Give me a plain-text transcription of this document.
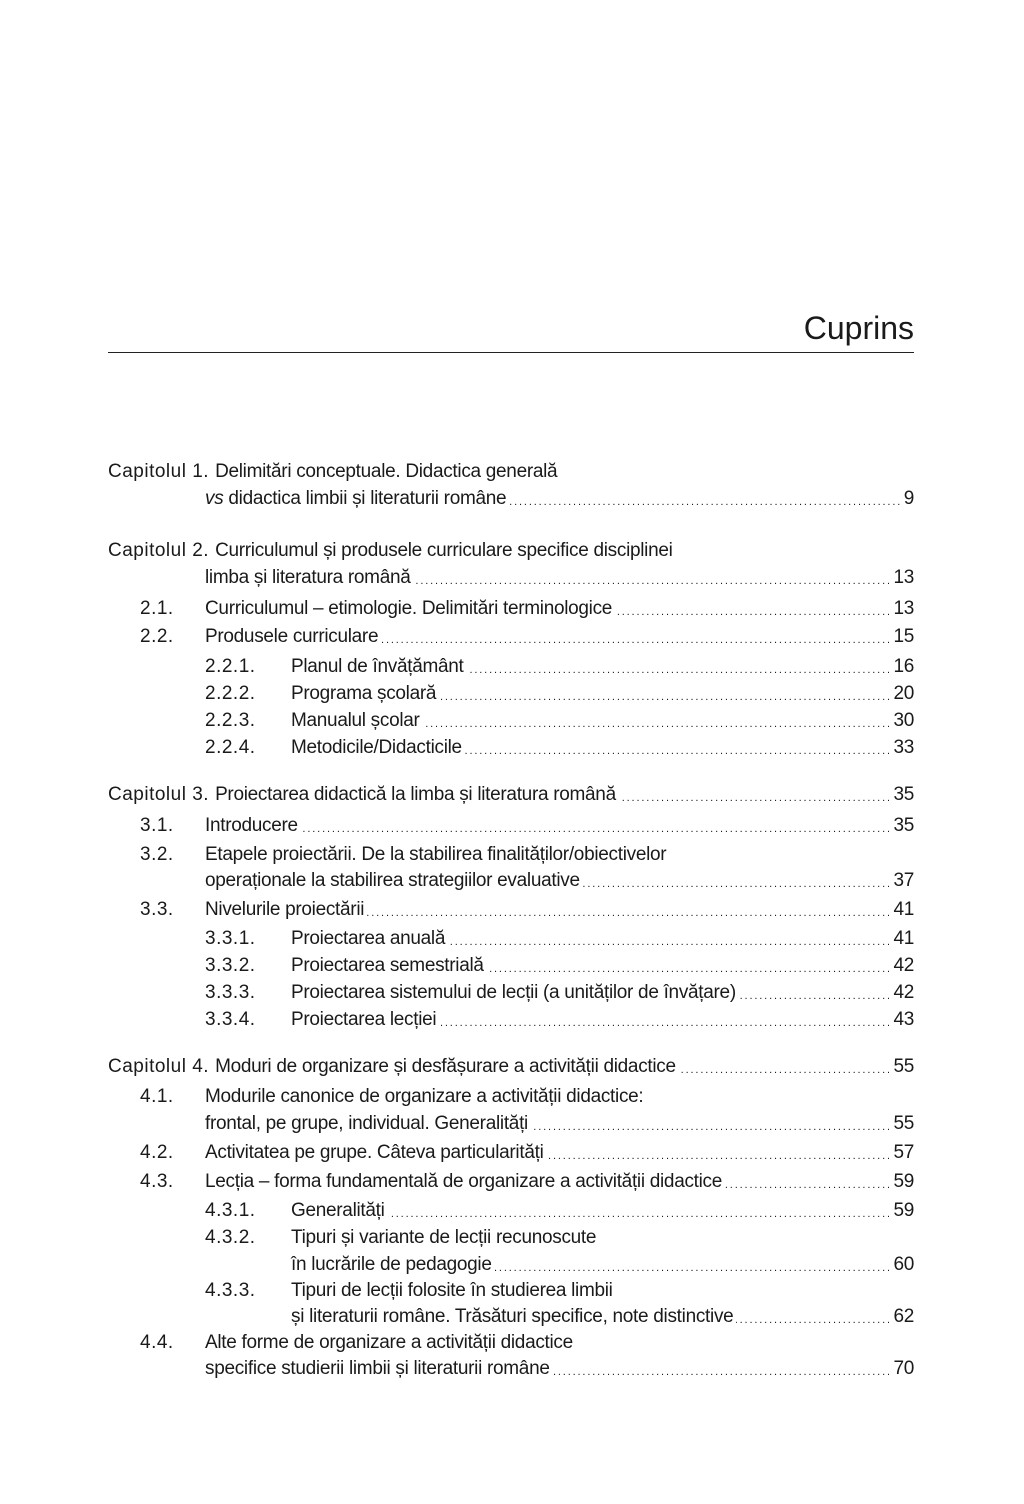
Cuprins
Capitolul 1. Delimitări conceptuale. Didactica generală
vs didactica limbii și literaturii române . . .	9
Capitolul 2. Curriculumul și produsele curriculare specifice disciplinei
limba și literatura română . . .	13
2.1. Curriculumul – etimologie. Delimitări terminologice . . .	13
2.2. Produsele curriculare . . .	15
2.2.1. Planul de învățământ . . .	16
2.2.2. Programa școlară . . .	20
2.2.3. Manualul școlar . . .	30
2.2.4. Metodicile/Didacticile . . .	33
Capitolul 3. Proiectarea didactică la limba și literatura română . . .	35
3.1. Introducere . . .	35
3.2. Etapele proiectării. De la stabilirea finalităților/obiectivelor
operaționale la stabilirea strategiilor evaluative . . .	37
3.3. Nivelurile proiectării . . .	41
3.3.1. Proiectarea anuală . . .	41
3.3.2. Proiectarea semestrială . . .	42
3.3.3. Proiectarea sistemului de lecții (a unităților de învățare) . . .	42
3.3.4. Proiectarea lecției . . .	43
Capitolul 4. Moduri de organizare și desfășurare a activității didactice . . .	55
4.1. Modurile canonice de organizare a activității didactice:
frontal, pe grupe, individual. Generalități . . .	55
4.2. Activitatea pe grupe. Câteva particularități . . .	57
4.3. Lecția – forma fundamentală de organizare a activității didactice . . .	59
4.3.1. Generalități . . .	59
4.3.2. Tipuri și variante de lecții recunoscute
în lucrările de pedagogie . . .	60
4.3.3. Tipuri de lecții folosite în studierea limbii
și literaturii române. Trăsături specifice, note distinctive . . .	62
4.4. Alte forme de organizare a activității didactice
specifice studierii limbii și literaturii române . . .	70
